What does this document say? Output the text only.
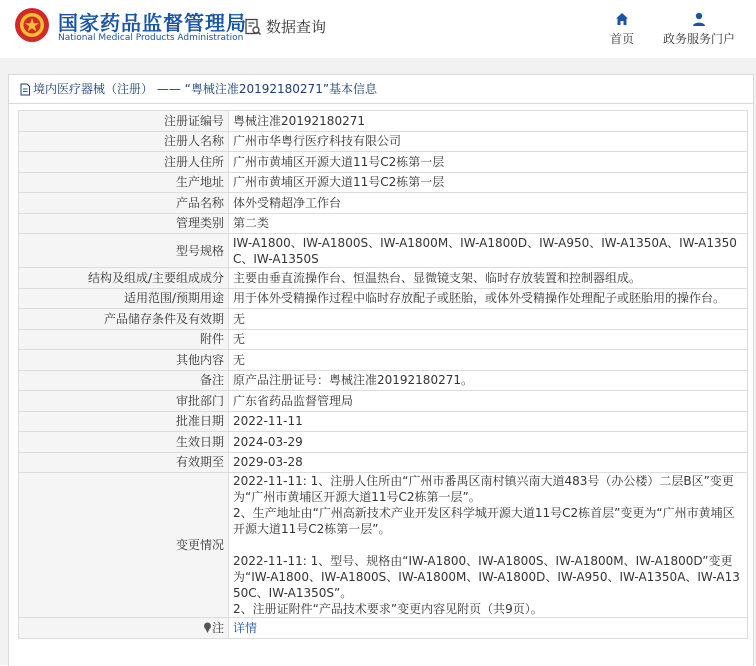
国家药品监督管理局
National Medical Products Administration
数据查询
首页	政务服务门户
境内医疗器械（注册） —— “粤械注准20192180271”基本信息
注册证编号	粤械注准20192180271
注册人名称	广州市华粤行医疗科技有限公司
注册人住所	广州市黄埔区开源大道11号C2栋第一层
生产地址	广州市黄埔区开源大道11号C2栋第一层
产品名称	体外受精超净工作台
管理类别	第二类
型号规格	IW-A1800、IW-A1800S、IW-A1800M、IW-A1800D、IW-A950、IW-A1350A、IW-A1350C、IW-A1350S
结构及组成/主要组成成分	主要由垂直流操作台、恒温热台、显微镜支架、临时存放装置和控制器组成。
适用范围/预期用途	用于体外受精操作过程中临时存放配子或胚胎，或体外受精操作处理配子或胚胎用的操作台。
产品储存条件及有效期	无
附件	无
其他内容	无
备注	原产品注册证号：粤械注准20192180271。
审批部门	广东省药品监督管理局
批准日期	2022-11-11
生效日期	2024-03-29
有效期至	2029-03-28
变更情况	2022-11-11: 1、注册人住所由“广州市番禺区南村镇兴南大道483号（办公楼）二层B区”变更为“广州市黄埔区开源大道11号C2栋第一层”。

2、生产地址由“广州高新技术产业开发区科学城开源大道11号C2栋首层”变更为“广州市黄埔区开源大道11号C2栋第一层”。

2022-11-11: 1、型号、规格由“IW-A1800、IW-A1800S、IW-A1800M、IW-A1800D”变更为“IW-A1800、IW-A1800S、IW-A1800M、IW-A1800D、IW-A950、IW-A1350A、IW-A1350C、IW-A1350S”。

2、注册证附件“产品技术要求”变更内容见附页（共9页）。

注	详情
